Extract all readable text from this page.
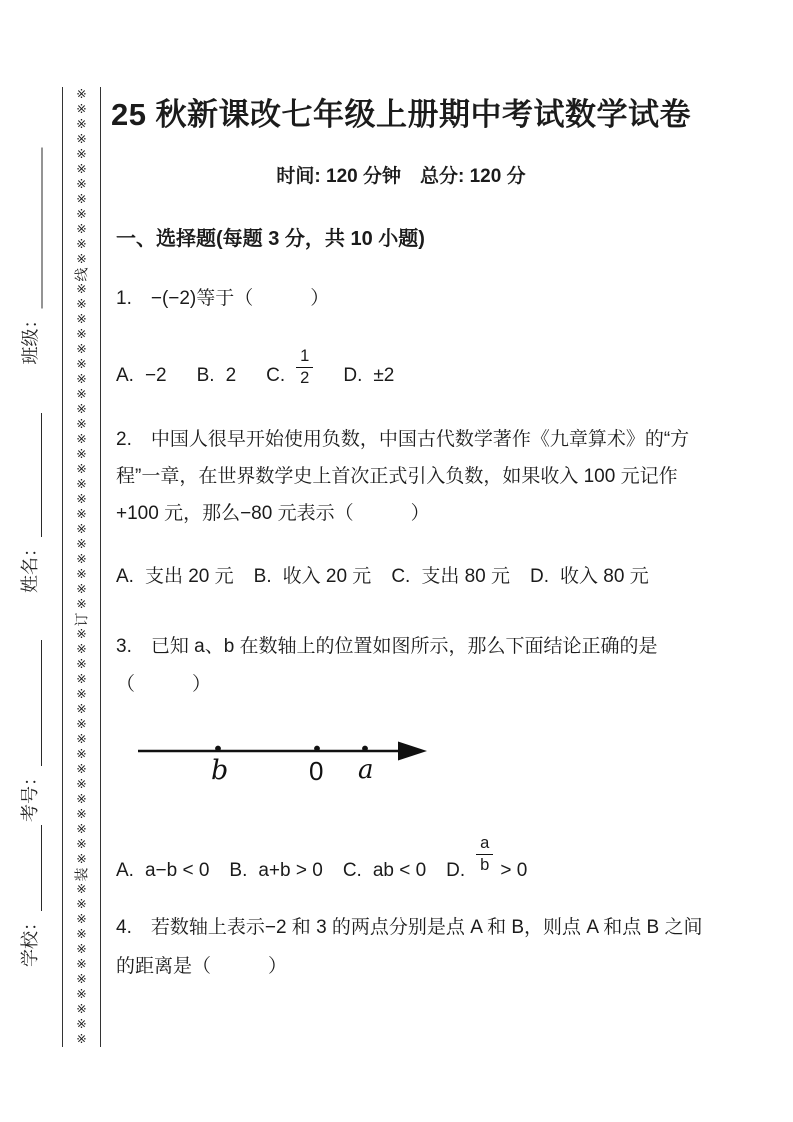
班级：
姓名：
考号：
学校：
※
※
※
※
※
※
※
※
※
※
※
※
线
※
※
※
※
※
※
※
※
※
※
※
※
※
※
※
※
※
※
※
※
※
※
订
※
※
※
※
※
※
※
※
※
※
※
※
※
※
※
※
装
※
※
※
※
※
※
※
※
※
※
※
25 秋新课改七年级上册期中考试数学试卷
时间: 120 分钟　总分: 120 分
一、选择题(每题 3 分，共 10 小题)
1.　−(−2)等于（　　　）
A. −2 B. 2 C. $\frac{1}{2} D$. ±2
2.　中国人很早开始使用负数，中国古代数学著作《九章算术》的“方
程”一章，在世界数学史上首次正式引入负数，如果收入 100 元记作
+100 元，那么−80 元表示（　　　）
A. 支出 20 元 B. 收入 20 元 C. 支出 80 元 D. 收入 80 元
3.　已知 a、b 在数轴上的位置如图所示，那么下面结论正确的是
（　　　）
b	0 a
A. a−b < 0 B. a+b > 0 C. ab < 0 D. $\frac{a}{b} > 0$
4.　若数轴上表示−2 和 3 的两点分别是点 A 和 B，则点 A 和点 B 之间
的距离是（　　　）
